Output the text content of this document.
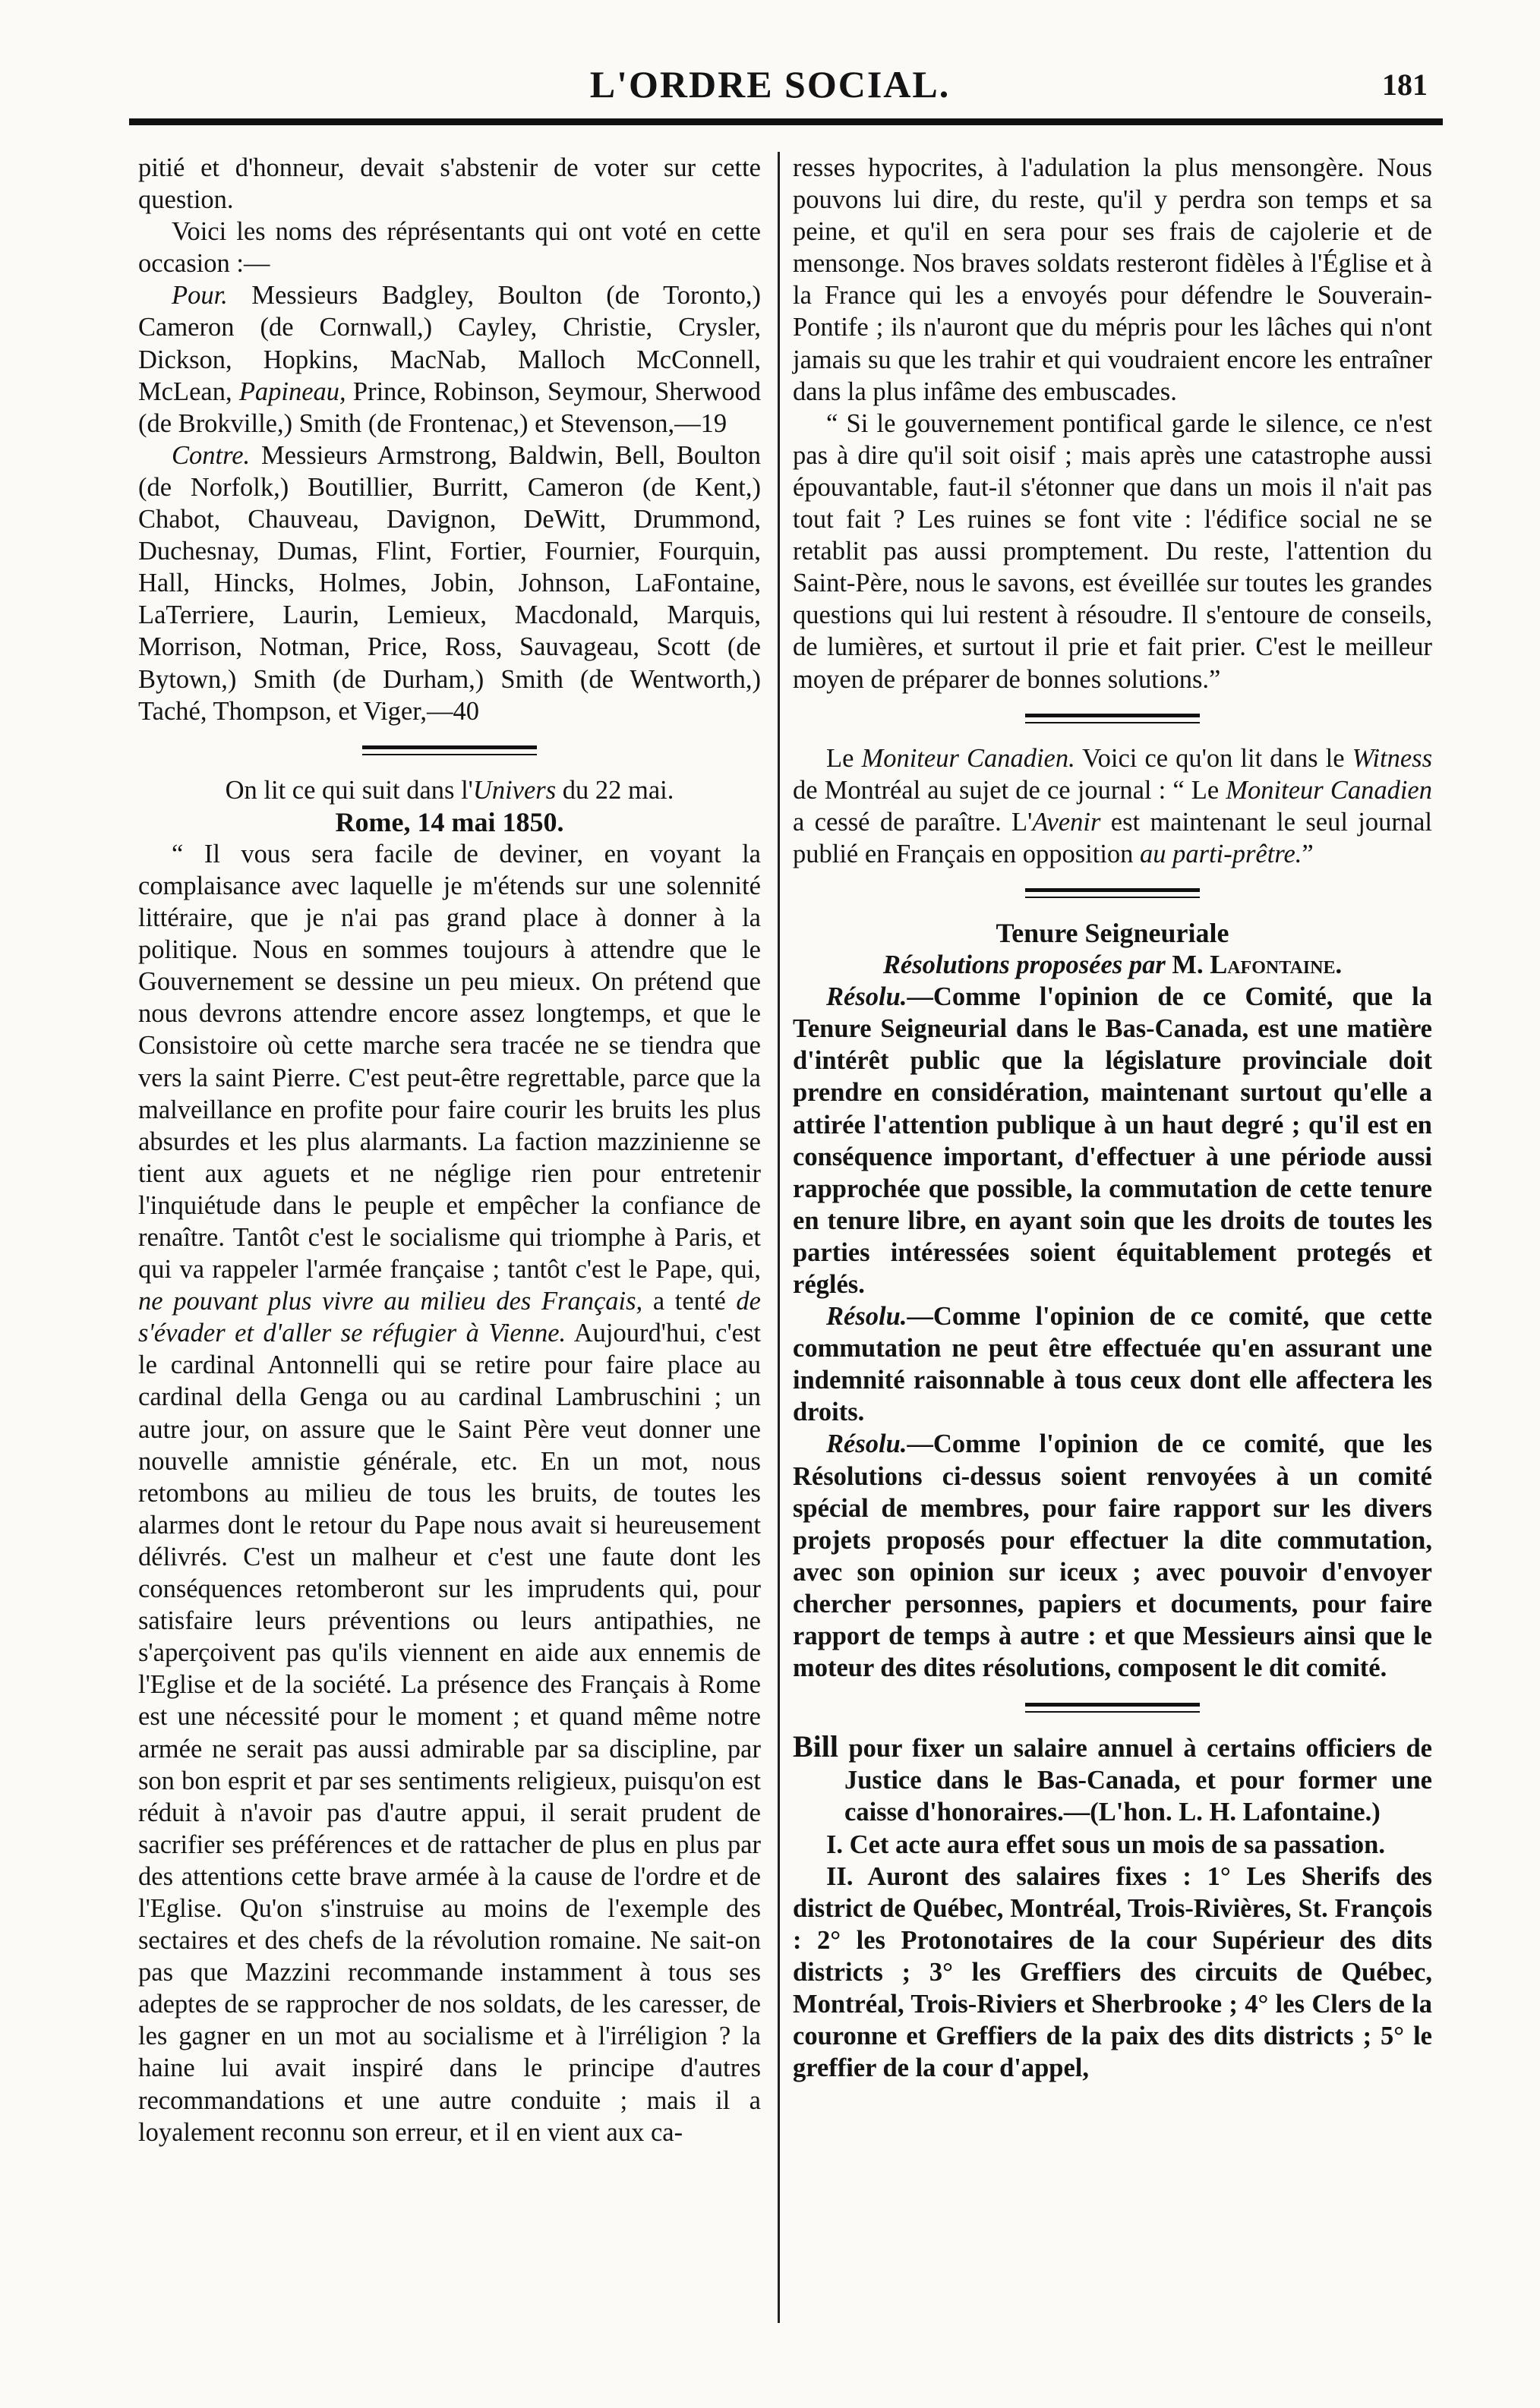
L'ORDRE SOCIAL.	181

pitié et d'honneur, devait s'abstenir de voter sur cette question.

Voici les noms des réprésentants qui ont voté en cette occasion :—

Pour. Messieurs Badgley, Boulton (de Toronto,) Cameron (de Cornwall,) Cayley, Christie, Crysler, Dickson, Hopkins, MacNab, Malloch McConnell, McLean, Papineau, Prince, Robinson, Seymour, Sherwood (de Brokville,) Smith (de Frontenac,) et Stevenson,—19

Contre. Messieurs Armstrong, Baldwin, Bell, Boulton (de Norfolk,) Boutillier, Burritt, Cameron (de Kent,) Chabot, Chauveau, Davignon, DeWitt, Drummond, Duchesnay, Dumas, Flint, Fortier, Fournier, Fourquin, Hall, Hincks, Holmes, Jobin, Johnson, LaFontaine, LaTerriere, Laurin, Lemieux, Macdonald, Marquis, Morrison, Notman, Price, Ross, Sauvageau, Scott (de Bytown,) Smith (de Durham,) Smith (de Wentworth,) Taché, Thompson, et Viger,—40

On lit ce qui suit dans l'Univers du 22 mai.

Rome, 14 mai 1850.

“ Il vous sera facile de deviner, en voyant la complaisance avec laquelle je m'étends sur une solennité littéraire, que je n'ai pas grand place à donner à la politique. Nous en sommes toujours à attendre que le Gouvernement se dessine un peu mieux. On prétend que nous devrons attendre encore assez longtemps, et que le Consistoire où cette marche sera tracée ne se tiendra que vers la saint Pierre. C'est peut-être regrettable, parce que la malveillance en profite pour faire courir les bruits les plus absurdes et les plus alarmants. La faction mazzinienne se tient aux aguets et ne néglige rien pour entretenir l'inquiétude dans le peuple et empêcher la confiance de renaître. Tantôt c'est le socialisme qui triomphe à Paris, et qui va rappeler l'armée française ; tantôt c'est le Pape, qui, ne pouvant plus vivre au milieu des Français, a tenté de s'évader et d'aller se réfugier à Vienne. Aujourd'hui, c'est le cardinal Antonnelli qui se retire pour faire place au cardinal della Genga ou au cardinal Lambruschini ; un autre jour, on assure que le Saint Père veut donner une nouvelle amnistie générale, etc. En un mot, nous retombons au milieu de tous les bruits, de toutes les alarmes dont le retour du Pape nous avait si heureusement délivrés. C'est un malheur et c'est une faute dont les conséquences retomberont sur les imprudents qui, pour satisfaire leurs préventions ou leurs antipathies, ne s'aperçoivent pas qu'ils viennent en aide aux ennemis de l'Eglise et de la société. La présence des Français à Rome est une nécessité pour le moment ; et quand même notre armée ne serait pas aussi admirable par sa discipline, par son bon esprit et par ses sentiments religieux, puisqu'on est réduit à n'avoir pas d'autre appui, il serait prudent de sacrifier ses préférences et de rattacher de plus en plus par des attentions cette brave armée à la cause de l'ordre et de l'Eglise. Qu'on s'instruise au moins de l'exemple des sectaires et des chefs de la révolution romaine. Ne sait-on pas que Mazzini recommande instamment à tous ses adeptes de se rapprocher de nos soldats, de les caresser, de les gagner en un mot au socialisme et à l'irréligion ? la haine lui avait inspiré dans le principe d'autres recommandations et une autre conduite ; mais il a loyalement reconnu son erreur, et il en vient aux ca-

resses hypocrites, à l'adulation la plus mensongère. Nous pouvons lui dire, du reste, qu'il y perdra son temps et sa peine, et qu'il en sera pour ses frais de cajolerie et de mensonge. Nos braves soldats resteront fidèles à l'Église et à la France qui les a envoyés pour défendre le Souverain-Pontife ; ils n'auront que du mépris pour les lâches qui n'ont jamais su que les trahir et qui voudraient encore les entraîner dans la plus infâme des embuscades.

“ Si le gouvernement pontifical garde le silence, ce n'est pas à dire qu'il soit oisif ; mais après une catastrophe aussi épouvantable, faut-il s'étonner que dans un mois il n'ait pas tout fait ? Les ruines se font vite : l'édifice social ne se retablit pas aussi promptement. Du reste, l'attention du Saint-Père, nous le savons, est éveillée sur toutes les grandes questions qui lui restent à résoudre. Il s'entoure de conseils, de lumières, et surtout il prie et fait prier. C'est le meilleur moyen de préparer de bonnes solutions.”

Le Moniteur Canadien. Voici ce qu'on lit dans le Witness de Montréal au sujet de ce journal : “ Le Moniteur Canadien a cessé de paraître. L'Avenir est maintenant le seul journal publié en Français en opposition au parti-prêtre.”

Tenure Seigneuriale

Résolutions proposées par M. Lafontaine.

Résolu.—Comme l'opinion de ce Comité, que la Tenure Seigneurial dans le Bas-Canada, est une matière d'intérêt public que la législature provinciale doit prendre en considération, maintenant surtout qu'elle a attirée l'attention publique à un haut degré ; qu'il est en conséquence important, d'effectuer à une période aussi rapprochée que possible, la commutation de cette tenure en tenure libre, en ayant soin que les droits de toutes les parties intéressées soient équitablement protegés et réglés.

Résolu.—Comme l'opinion de ce comité, que cette commutation ne peut être effectuée qu'en assurant une indemnité raisonnable à tous ceux dont elle affectera les droits.

Résolu.—Comme l'opinion de ce comité, que les Résolutions ci-dessus soient renvoyées à un comité spécial de membres, pour faire rapport sur les divers projets proposés pour effectuer la dite commutation, avec son opinion sur iceux ; avec pouvoir d'envoyer chercher personnes, papiers et documents, pour faire rapport de temps à autre : et que Messieurs ainsi que le moteur des dites résolutions, composent le dit comité.

Bill pour fixer un salaire annuel à certains officiers de Justice dans le Bas-Canada, et pour former une caisse d'honoraires.—(L'hon. L. H. Lafontaine.)

I. Cet acte aura effet sous un mois de sa passation.

II. Auront des salaires fixes : 1° Les Sherifs des district de Québec, Montréal, Trois-Rivières, St. François : 2° les Protonotaires de la cour Supérieur des dits districts ; 3° les Greffiers des circuits de Québec, Montréal, Trois-Riviers et Sherbrooke ; 4° les Clers de la couronne et Greffiers de la paix des dits districts ; 5° le greffier de la cour d'appel,
